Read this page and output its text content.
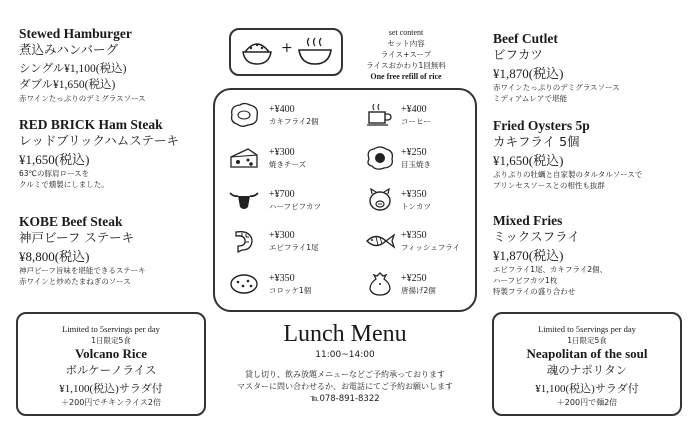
Stewed Hamburger
煮込みハンバーグ
シングル¥1,100(税込)
ダブル¥1,650(税込)
赤ワインたっぷりのデミグラスソース
RED BRICK Ham Steak
レッドブリックハムステーキ
¥1,650(税込)
63℃の豚肩ロースを
クルミで燻製にしました。
KOBE Beef Steak
神戸ビーフ ステーキ
¥8,800(税込)
神戸ビーフ旨味を堪能できるステーキ
赤ワインと炒めたまねぎのソース
Beef Cutlet
ビフカツ
¥1,870(税込)
赤ワインたっぷりのデミグラスソース
ミディアムレアで堪能
Fried Oysters 5p
カキフライ 5個
¥1,650(税込)
ぷりぷりの牡蠣と自家製のタルタルソースで
プリンセスソースとの相性も抜群
Mixed Fries
ミックスフライ
¥1,870(税込)
エビフライ1尾、カキフライ2個、
ハーフビフカツ1枚
特製フライの盛り合わせ
+
set content
セット内容
ライス+スープ
ライスおかわり1回無料
One free refill of rice
+¥400
カキフライ2個
+¥400
コーヒー
+¥300
焼きチーズ
+¥250
目玉焼き
+¥700
ハーフビフカツ
+¥350
トンカツ
+¥300
エビフライ1尾
+¥350
フィッシュフライ
+¥350
コロッケ1個
+¥250
唐揚げ2個
Limited to 5servings per day
1日限定5食
Volcano Rice
ボルケーノライス
¥1,100(税込)サラダ付
＋200円でチキンライス2倍
Limited to 5servings per day
1日限定5食
Neapolitan of the soul
魂のナポリタン
¥1,100(税込)サラダ付
＋200円で麺2倍
Lunch Menu
11:00~14:00
貸し切り、飲み放題メニューなどご予約承っております
マスターに問い合わせるか、お電話にてご予約お願いします
℡078-891-8322
